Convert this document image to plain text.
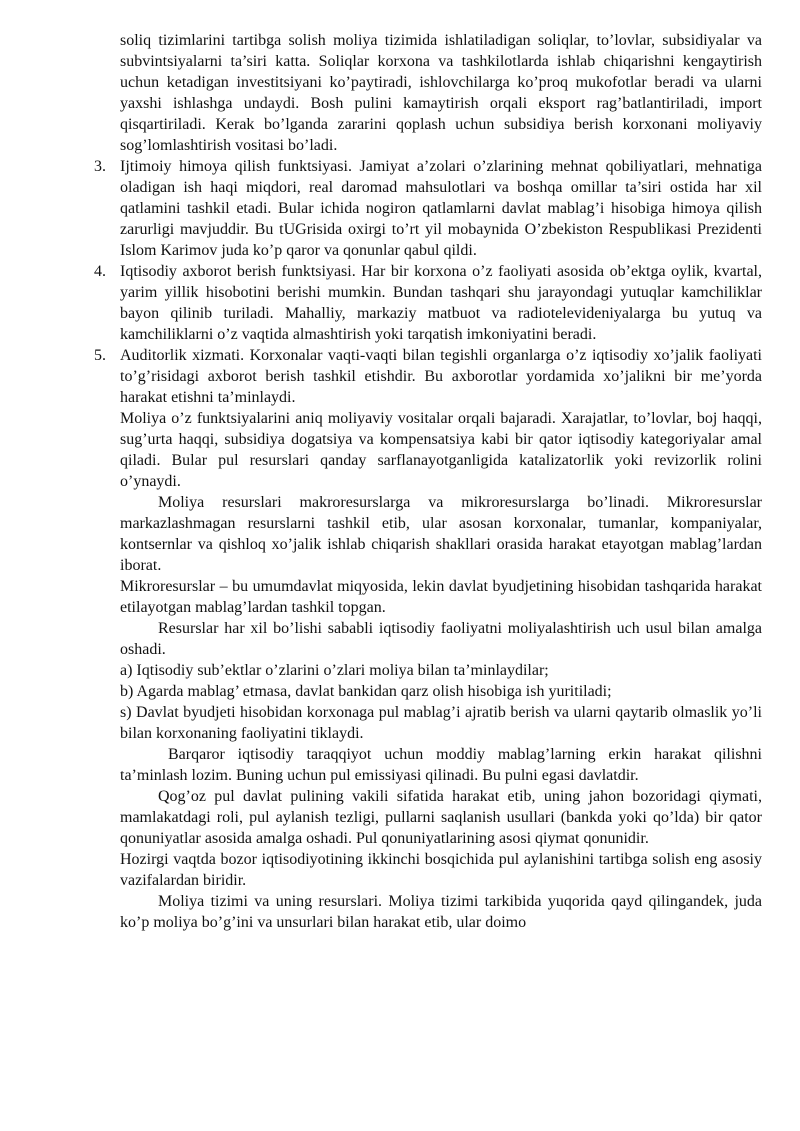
soliq tizimlarini tartibga solish moliya tizimida ishlatiladigan soliqlar, to’lovlar, subsidiyalar va subvintsiyalarni ta’siri katta. Soliqlar korxona va tashkilotlarda ishlab chiqarishni kengaytirish uchun ketadigan investitsiyani ko’paytiradi, ishlovchilarga ko’proq mukofotlar beradi va ularni yaxshi ishlashga undaydi. Bosh pulini kamaytirish orqali eksport rag’batlantiriladi, import qisqartiriladi. Kerak bo’lganda zararini qoplash uchun subsidiya berish korxonani moliyaviy sog’lomlashtirish vositasi bo’ladi.

3. Ijtimoiy himoya qilish funktsiyasi. Jamiyat a’zolari o’zlarining mehnat qobiliyatlari, mehnatiga oladigan ish haqi miqdori, real daromad mahsulotlari va boshqa omillar ta’siri ostida har xil qatlamini tashkil etadi. Bular ichida nogiron qatlamlarni davlat mablag’i hisobiga himoya qilish zarurligi mavjuddir. Bu tUGrisida oxirgi to’rt yil mobaynida O’zbekiston Respublikasi Prezidenti Islom Karimov juda ko’p qaror va qonunlar qabul qildi.
4. Iqtisodiy axborot berish funktsiyasi. Har bir korxona o’z faoliyati asosida ob’ektga oylik, kvartal, yarim yillik hisobotini berishi mumkin. Bundan tashqari shu jarayondagi yutuqlar kamchiliklar bayon qilinib turiladi. Mahalliy, markaziy matbuot va radiotelevideniyalarga bu yutuq va kamchiliklarni o’z vaqtida almashtirish yoki tarqatish imkoniyatini beradi.
5. Auditorlik xizmati. Korxonalar vaqti-vaqti bilan tegishli organlarga o’z iqtisodiy xo’jalik faoliyati to’g’risidagi axborot berish tashkil etishdir. Bu axborotlar yordamida xo’jalikni bir me’yorda harakat etishni ta’minlaydi.

Moliya o’z funktsiyalarini aniq moliyaviy vositalar orqali bajaradi. Xarajatlar, to’lovlar, boj haqqi, sug’urta haqqi, subsidiya dogatsiya va kompensatsiya kabi bir qator iqtisodiy kategoriyalar amal qiladi. Bular pul resurslari qanday sarflanayotganligida katalizatorlik yoki revizorlik rolini o’ynaydi.

Moliya resurslari makroresurslarga va mikroresurslarga bo’linadi. Mikroresurslar markazlashmagan resurslarni tashkil etib, ular asosan korxonalar, tumanlar, kompaniyalar, kontsernlar va qishloq xo’jalik ishlab chiqarish shakllari orasida harakat etayotgan mablag’lardan iborat.

Mikroresurslar – bu umumdavlat miqyosida, lekin davlat byudjetining hisobidan tashqarida harakat etilayotgan mablag’lardan tashkil topgan.

Resurslar har xil bo’lishi sababli iqtisodiy faoliyatni moliyalashtirish uch usul bilan amalga oshadi.

a) Iqtisodiy sub’ektlar o’zlarini o’zlari moliya bilan ta’minlaydilar;

b) Agarda mablag’ etmasa, davlat bankidan qarz olish hisobiga ish yuritiladi;

s) Davlat byudjeti hisobidan korxonaga pul mablag’i ajratib berish va ularni qaytarib olmaslik yo’li bilan korxonaning faoliyatini tiklaydi.

Barqaror iqtisodiy taraqqiyot uchun moddiy mablag’larning erkin harakat qilishni ta’minlash lozim. Buning uchun pul emissiyasi qilinadi. Bu pulni egasi davlatdir.

Qog’oz pul davlat pulining vakili sifatida harakat etib, uning jahon bozoridagi qiymati, mamlakatdagi roli, pul aylanish tezligi, pullarni saqlanish usullari (bankda yoki qo’lda) bir qator qonuniyatlar asosida amalga oshadi. Pul qonuniyatlarining asosi qiymat qonunidir.

Hozirgi vaqtda bozor iqtisodiyotining ikkinchi bosqichida pul aylanishini tartibga solish eng asosiy vazifalardan biridir.

Moliya tizimi va uning resurslari. Moliya tizimi tarkibida yuqorida qayd qilingandek, juda ko’p moliya bo’g’ini va unsurlari bilan harakat etib, ular doimo
